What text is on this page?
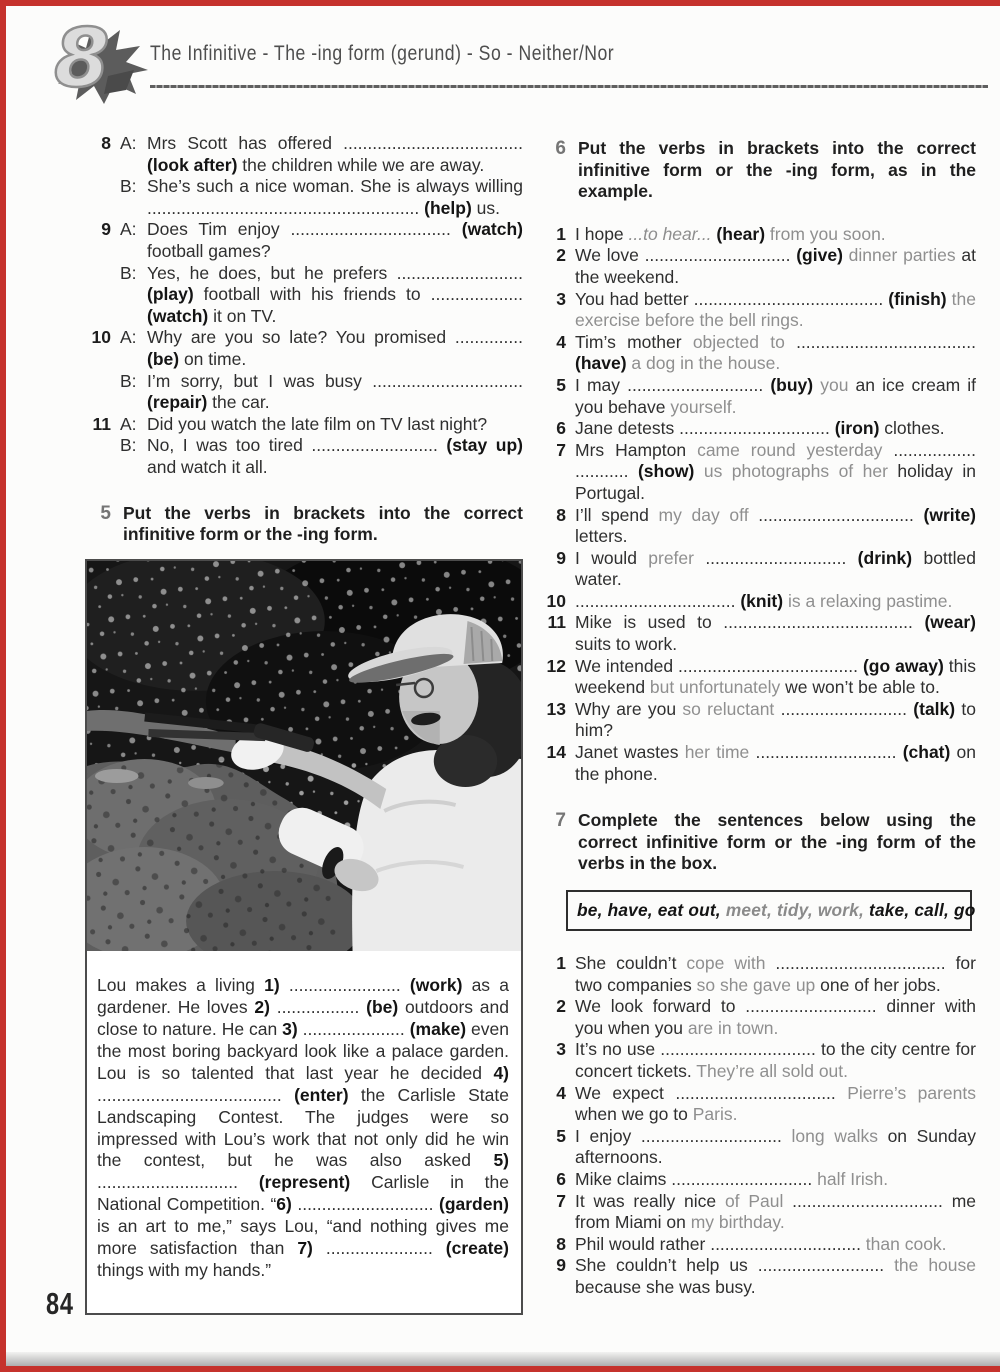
8 The Infinitive - The -ing form (gerund) - So - Neither/Nor
8 A: Mrs Scott has offered ..................................... (look after) the children while we are away.
B: She’s such a nice woman. Shе is always willing ........................................................ (help) us.
9 A: Does Tim enjoy ................................. (watch) football games?
B: Yes, he does, but he prefers .......................... (play) football with his friends to ................... (watch) it on TV.
10 A: Why are you so late? You promised .............. (be) on time.
B: I’m sorry, but I was busy ............................... (repair) the car.
11 A: Did you watch the late film on TV last night?
B: No, I was too tired .......................... (stay up) and watch it all.
5 Put the verbs in brackets into the correct infinitive form or the -ing form.

Lou makes a living 1) ....................... (work) as a gardener. He loves 2) ................. (be) outdoors and close to nature. He can 3) ..................... (make) even the most boring backyard look like a palace garden. Lou is so talented that last year he decided 4) ...................................... (enter) the Carlisle State Landscaping Contest. The judges were so impressed with Lou’s work that not only did he win the contest, but he was also asked 5) ............................. (represent) Carlisle in the National Competition. “6) ............................ (garden) is an art to me,” says Lou, “and nothing gives me more satisfaction than 7) ...................... (create) things with my hands.”

6 Put the verbs in brackets into the correct infinitive form or the -ing form, as in the example.
1 I hope ...to hear... (hear) from you soon.
2 We love .............................. (give) dinner parties at the weekend.
3 You had better ....................................... (finish) the exercise before the bell rings.
4 Tim’s mother objected to ..................................... (have) a dog in the house.
5 I may ............................ (buy) you an ice cream if you behave yourself.
6 Jane detests ............................... (iron) clothes.
7 Mrs Hampton came round yesterday ................. ........... (show) us photographs of her holiday in Portugal.
8 I’ll spend my day off ................................ (write) letters.
9 I would prefer ............................. (drink) bottled water.
10 ................................. (knit) is a relaxing pastime.
11 Mike is used to ....................................... (wear) suits to work.
12 We intended ..................................... (go away) this weekend but unfortunately we won’t be able to.
13 Why are you so reluctant .......................... (talk) to him?
14 Janet wastes her time ............................. (chat) on the phone.
7 Complete the sentences below using the correct infinitive form or the -ing form of the verbs in the box.
be, have, eat out, meet, tidy, work, take, call, go
1 She couldn’t cope with ................................... for two companies so she gave up one of her jobs.
2 We look forward to ........................... dinner with you when you are in town.
3 It’s no use ................................ to the city centre for concert tickets. They’re all sold out.
4 We expect ................................. Pierre’s parents when we go to Paris.
5 I enjoy ............................. long walks on Sunday afternoons.
6 Mike claims ............................. half Irish.
7 It was really nice of Paul ............................... me from Miami on my birthday.
8 Phil would rather ............................... than cook.
9 She couldn’t help us .......................... the house because she was busy.
84
